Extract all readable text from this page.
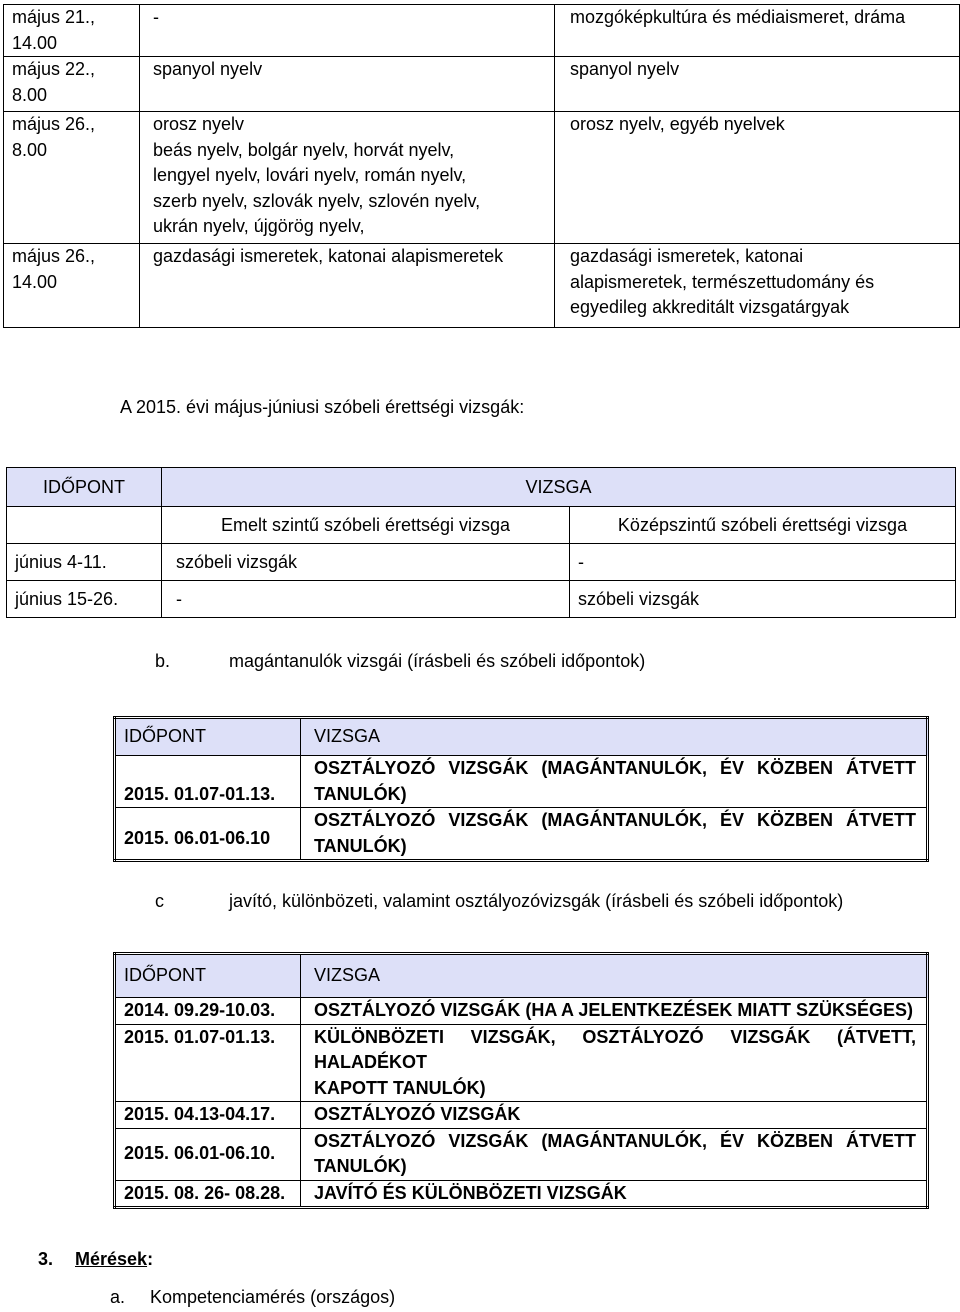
május 21.,
14.00	-	mozgóképkultúra és médiaismeret, dráma
május 22.,
8.00	spanyol nyelv	spanyol nyelv
május 26.,
8.00	orosz nyelv
beás nyelv, bolgár nyelv, horvát nyelv,
lengyel nyelv, lovári nyelv, román nyelv,
szerb nyelv, szlovák nyelv, szlovén nyelv,
ukrán nyelv, újgörög nyelv,	orosz nyelv, egyéb nyelvek
május 26.,
14.00	gazdasági ismeretek, katonai alapismeretek	gazdasági ismeretek, katonai
alapismeretek, természettudomány és
egyedileg akkreditált vizsgatárgyak
A 2015. évi május-júniusi szóbeli érettségi vizsgák:
IDŐPONT	VIZSGA	
	Emelt szintű szóbeli érettségi vizsga	Középszintű szóbeli érettségi vizsga
június 4-11.	szóbeli vizsgák	-
június 15-26.	-	szóbeli vizsgák
b.	magántanulók vizsgái (írásbeli és szóbeli időpontok)
IDŐPONT	VIZSGA
2015. 01.07-01.13.	OSZTÁLYOZÓ VIZSGÁK (MAGÁNTANULÓK, ÉV KÖZBEN ÁTVETT
TANULÓK)

2015. 06.01-06.10	OSZTÁLYOZÓ VIZSGÁK (MAGÁNTANULÓK, ÉV KÖZBEN ÁTVETT
TANULÓK)
c	javító, különbözeti, valamint osztályozóvizsgák (írásbeli és szóbeli időpontok)
IDŐPONT	VIZSGA
2014. 09.29-10.03.	OSZTÁLYOZÓ VIZSGÁK (HA A JELENTKEZÉSEK MIATT SZÜKSÉGES)
2015. 01.07-01.13.	KÜLÖNBÖZETI VIZSGÁK, OSZTÁLYOZÓ VIZSGÁK (ÁTVETT, HALADÉKOT
KAPOTT TANULÓK)

2015. 04.13-04.17.	OSZTÁLYOZÓ VIZSGÁK
2015. 06.01-06.10.	OSZTÁLYOZÓ VIZSGÁK (MAGÁNTANULÓK, ÉV KÖZBEN ÁTVETT
TANULÓK)

2015. 08. 26- 08.28.	JAVÍTÓ ÉS KÜLÖNBÖZETI VIZSGÁK
3. Mérések:
a. Kompetenciamérés (országos)
